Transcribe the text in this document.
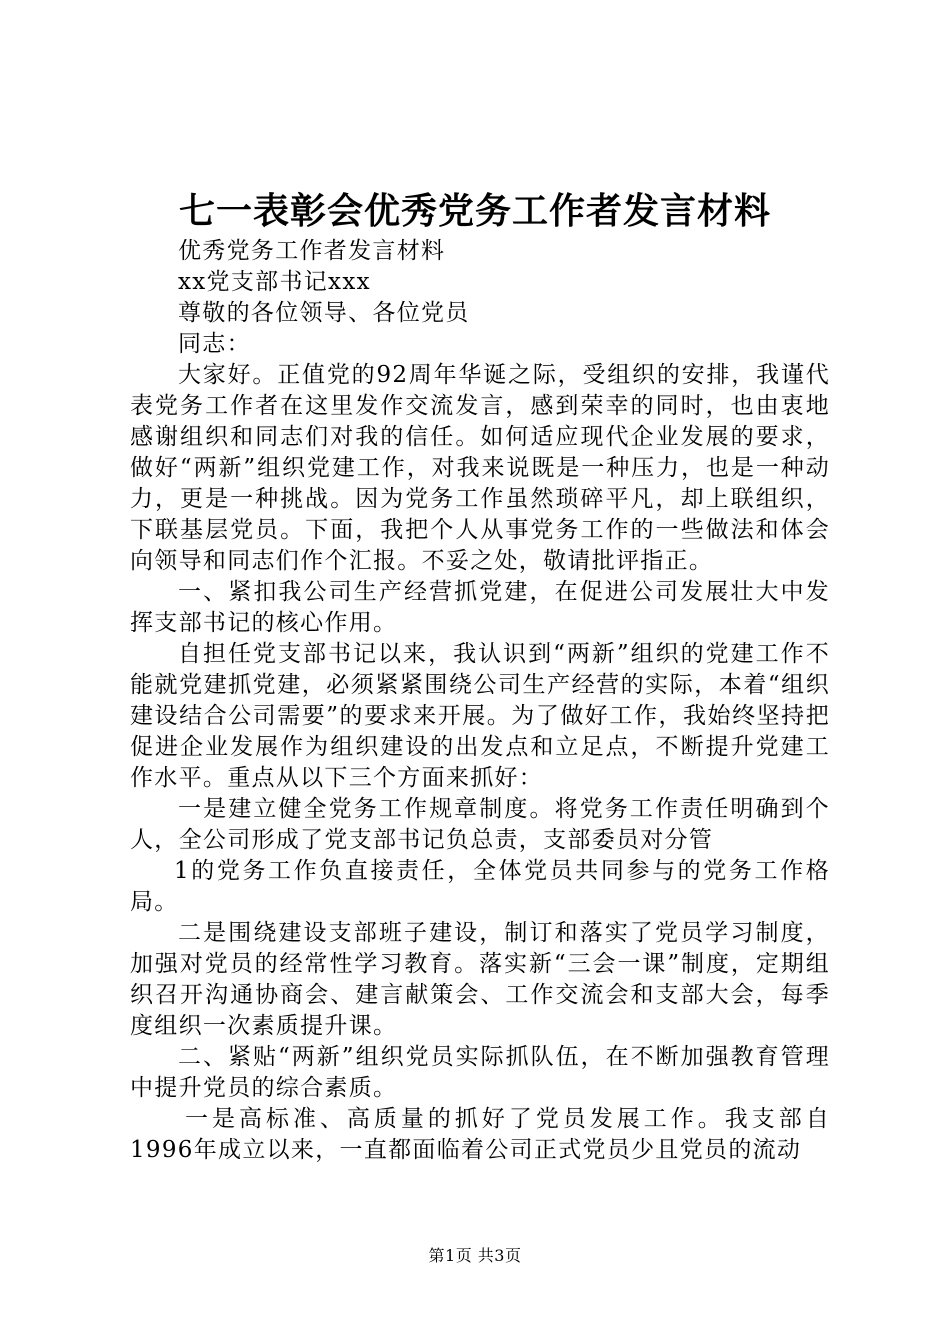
七一表彰会优秀党务工作者发言材料

优秀党务工作者发言材料

xx党支部书记xxx

尊敬的各位领导、各位党员

同志：

大家好。正值党的92周年华诞之际，受组织的安排，我谨代表党务工作者在这里发作交流发言，感到荣幸的同时，也由衷地感谢组织和同志们对我的信任。如何适应现代企业发展的要求，做好“两新”组织党建工作，对我来说既是一种压力，也是一种动力，更是一种挑战。因为党务工作虽然琐碎平凡，却上联组织，下联基层党员。下面，我把个人从事党务工作的一些做法和体会向领导和同志们作个汇报。不妥之处，敬请批评指正。

一、紧扣我公司生产经营抓党建，在促进公司发展壮大中发挥支部书记的核心作用。

自担任党支部书记以来，我认识到“两新”组织的党建工作不能就党建抓党建，必须紧紧围绕公司生产经营的实际，本着“组织建设结合公司需要”的要求来开展。为了做好工作，我始终坚持把促进企业发展作为组织建设的出发点和立足点，不断提升党建工作水平。重点从以下三个方面来抓好：

一是建立健全党务工作规章制度。将党务工作责任明确到个人，全公司形成了党支部书记负总责，支部委员对分管

1的党务工作负直接责任，全体党员共同参与的党务工作格局。

二是围绕建设支部班子建设，制订和落实了党员学习制度，加强对党员的经常性学习教育。落实新“三会一课”制度，定期组织召开沟通协商会、建言献策会、工作交流会和支部大会，每季度组织一次素质提升课。

二、紧贴“两新”组织党员实际抓队伍，在不断加强教育管理中提升党员的综合素质。

一是高标准、高质量的抓好了党员发展工作。我支部自1996年成立以来，一直都面临着公司正式党员少且党员的流动

第1页 共3页
